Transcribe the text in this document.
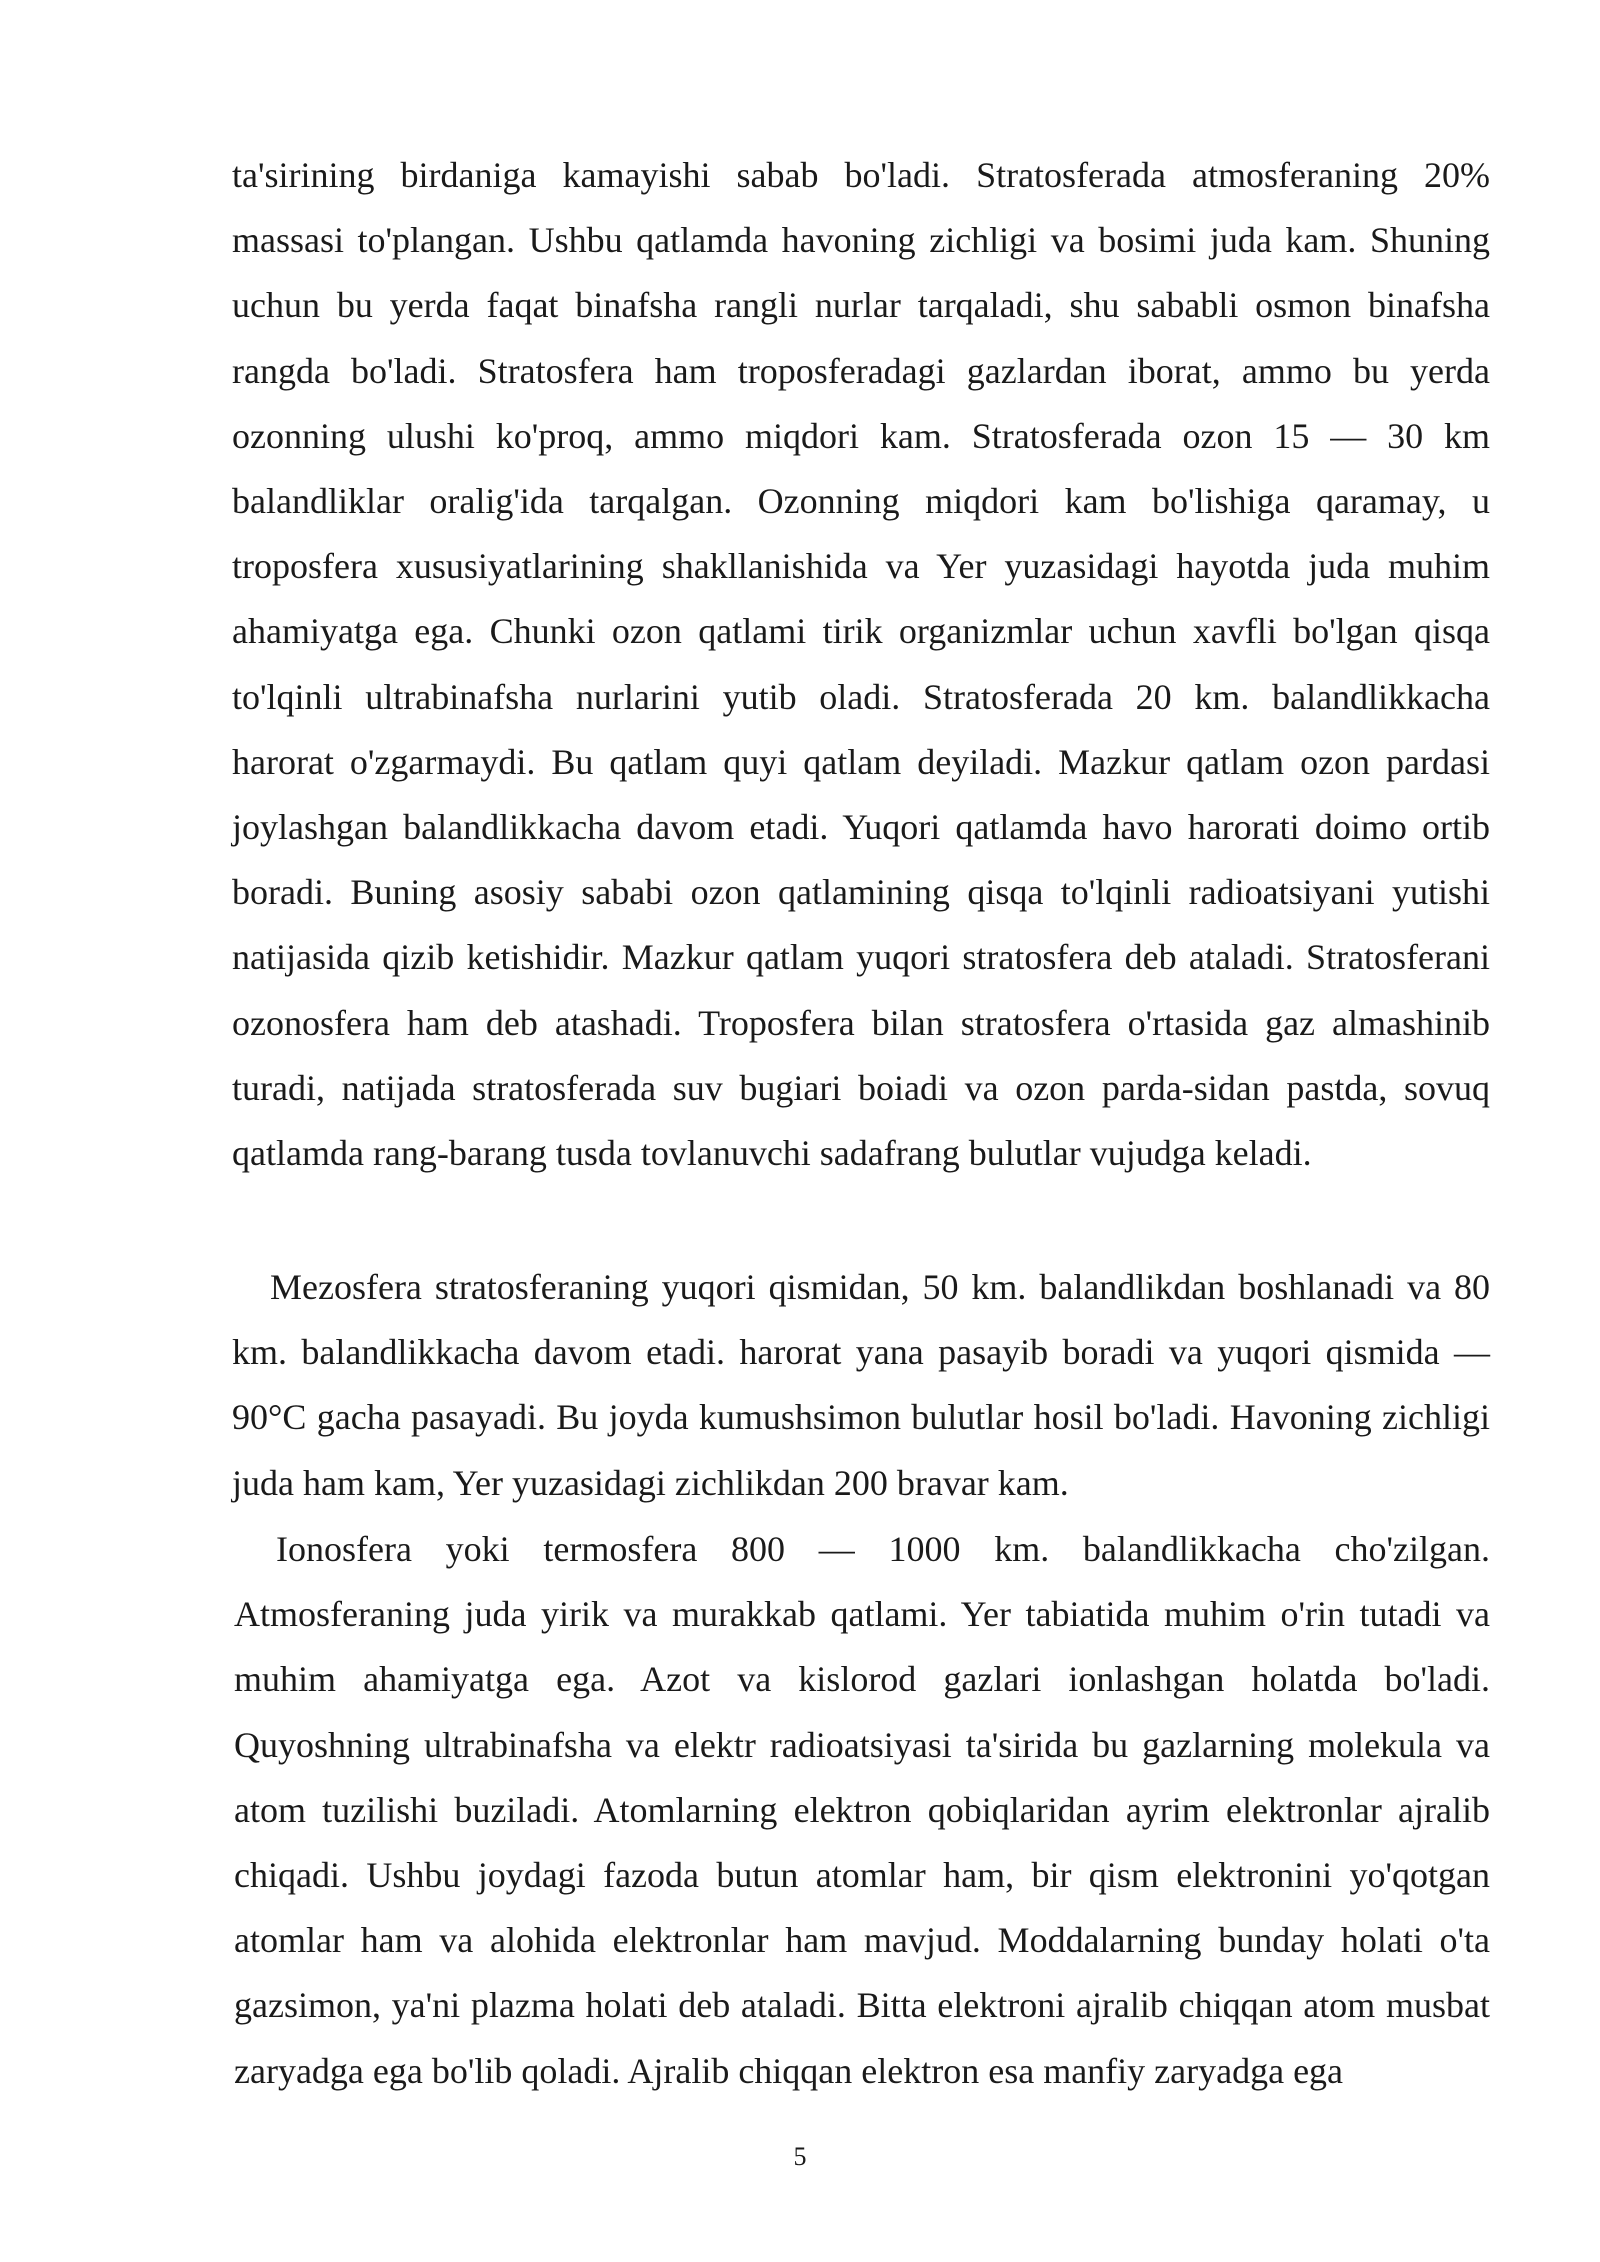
ta'sirining birdaniga kamayishi sabab bo'ladi. Stratosferada atmosferaning 20% massasi to'plangan. Ushbu qatlamda havoning zichligi va bosimi juda kam. Shuning uchun bu yerda faqat binafsha rangli nurlar tarqaladi, shu sababli osmon binafsha rangda bo'ladi. Stratosfera ham troposferadagi gazlardan iborat, ammo bu yerda ozonning ulushi ko'proq, ammo miqdori kam. Stratosferada ozon 15 — 30 km balandliklar oralig'ida tarqalgan. Ozonning miqdori kam bo'lishiga qaramay, u troposfera xususiyatlarining shakllanishida va Yer yuzasidagi hayotda juda muhim ahamiyatga ega. Chunki ozon qatlami tirik organizmlar uchun xavfli bo'lgan qisqa to'lqinli ultrabinafsha nurlarini yutib oladi. Stratosferada 20 km. balandlikkacha harorat o'zgarmaydi. Bu qatlam quyi qatlam deyiladi. Mazkur qatlam ozon pardasi joylashgan balandlikkacha davom etadi. Yuqori qatlamda havo harorati doimo ortib boradi. Buning asosiy sababi ozon qatlamining qisqa to'lqinli radioatsiyani yutishi natijasida qizib ketishidir. Mazkur qatlam yuqori stratosfera deb ataladi. Stratosferani ozonosfera ham deb atashadi. Troposfera bilan stratosfera o'rtasida gaz almashinib turadi, natijada stratosferada suv bugiari boiadi va ozon parda-sidan pastda, sovuq qatlamda rang-barang tusda tovlanuvchi sadafrang bulutlar vujudga keladi.

Mezosfera stratosferaning yuqori qismidan, 50 km. balandlikdan boshlanadi va 80 km. balandlikkacha davom etadi. harorat yana pasayib boradi va yuqori qismida — 90°C gacha pasayadi. Bu joyda kumushsimon bulutlar hosil bo'ladi. Havoning zichligi juda ham kam, Yer yuzasidagi zichlikdan 200 bravar kam.

Ionosfera yoki termosfera 800 — 1000 km. balandlikkacha cho'zilgan. Atmosferaning juda yirik va murakkab qatlami. Yer tabiatida muhim o'rin tutadi va muhim ahamiyatga ega. Azot va kislorod gazlari ionlashgan holatda bo'ladi. Quyoshning ultrabinafsha va elektr radioatsiyasi ta'sirida bu gazlarning molekula va atom tuzilishi buziladi. Atomlarning elektron qobiqlaridan ayrim elektronlar ajralib chiqadi. Ushbu joydagi fazoda butun atomlar ham, bir qism elektronini yo'qotgan atomlar ham va alohida elektronlar ham mavjud. Moddalarning bunday holati o'ta gazsimon, ya'ni plazma holati deb ataladi. Bitta elektroni ajralib chiqqan atom musbat zaryadga ega bo'lib qoladi. Ajralib chiqqan elektron esa manfiy zaryadga ega

5
